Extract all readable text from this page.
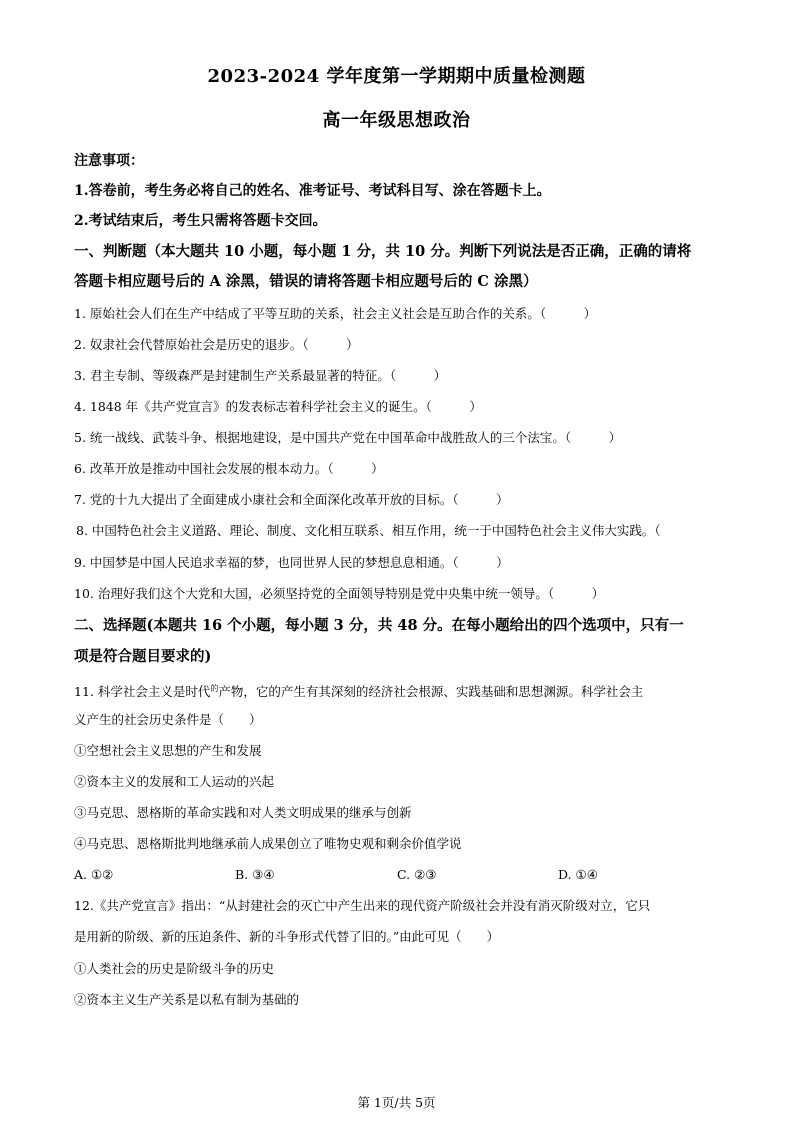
2023-2024 学年度第一学期期中质量检测题
高一年级思想政治
注意事项：
1.答卷前，考生务必将自己的姓名、准考证号、考试科目写、涂在答题卡上。
2.考试结束后，考生只需将答题卡交回。
一、判断题（本大题共 10 小题，每小题 1 分，共 10 分。判断下列说法是否正确，正确的请将
答题卡相应题号后的 A 涂黑，错误的请将答题卡相应题号后的 C 涂黑）
1. 原始社会人们在生产中结成了平等互助的关系，社会主义社会是互助合作的关系。（　　　）
2. 奴隶社会代替原始社会是历史的退步。（　　　）
3. 君主专制、等级森严是封建制生产关系最显著的特征。（　　　）
4. 1848 年《共产党宣言》的发表标志着科学社会主义的诞生。（　　　）
5. 统一战线、武装斗争、根据地建设，是中国共产党在中国革命中战胜敌人的三个法宝。（　　　）
6. 改革开放是推动中国社会发展的根本动力。（　　　）
7. 党的十九大提出了全面建成小康社会和全面深化改革开放的目标。（　　　）
8. 中国特色社会主义道路、理论、制度、文化相互联系、相互作用，统一于中国特色社会主义伟大实践。（
9. 中国梦是中国人民追求幸福的梦，也同世界人民的梦想息息相通。（　　　）
10. 治理好我们这个大党和大国，必须坚持党的全面领导特别是党中央集中统一领导。（　　　）
二、选择题(本题共 16 个小题，每小题 3 分，共 48 分。在每小题给出的四个选项中，只有一
项是符合题目要求的)
11. 科学社会主义是时代$^的$产物，它的产生有其深刻的经济社会根源、实践基础和思想渊源。科学社会主
义产生的社会历史条件是（　　）
①空想社会主义思想的产生和发展
②资本主义的发展和工人运动的兴起
③马克思、恩格斯的革命实践和对人类文明成果的继承与创新
④马克思、恩格斯批判地继承前人成果创立了唯物史观和剩余价值学说
A. ①②	B. ③④	C. ②③	D. ①④
12.《共产党宣言》指出：“从封建社会的灭亡中产生出来的现代资产阶级社会并没有消灭阶级对立，它只
是用新的阶级、新的压迫条件、新的斗争形式代替了旧的。”由此可见（　　）
①人类社会的历史是阶级斗争的历史
②资本主义生产关系是以私有制为基础的
第 1页/共 5页
